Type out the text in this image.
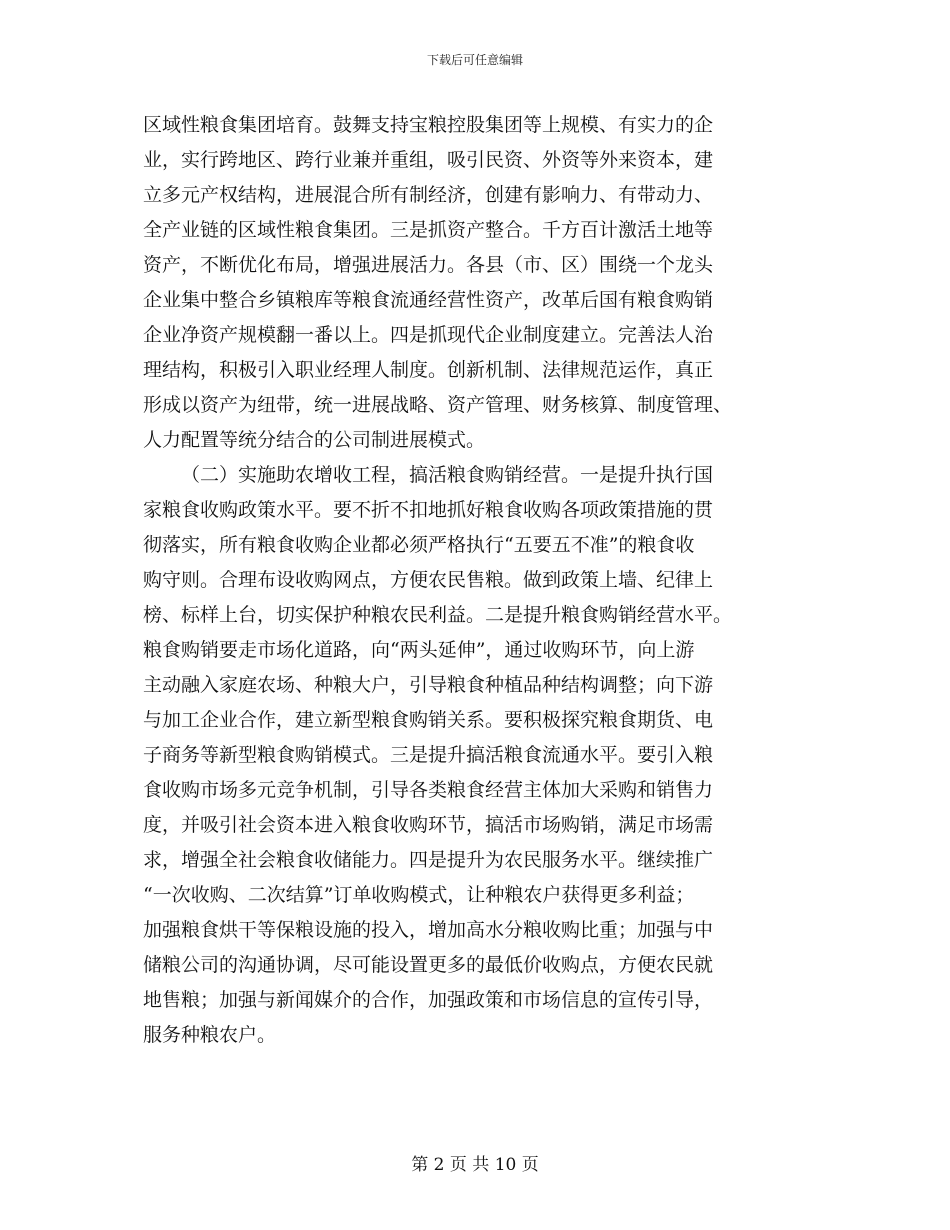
下载后可任意编辑
区域性粮食集团培育。鼓舞支持宝粮控股集团等上规模、有实力的企
业，实行跨地区、跨行业兼并重组，吸引民资、外资等外来资本，建
立多元产权结构，进展混合所有制经济，创建有影响力、有带动力、
全产业链的区域性粮食集团。三是抓资产整合。千方百计激活土地等
资产，不断优化布局，增强进展活力。各县（市、区）围绕一个龙头
企业集中整合乡镇粮库等粮食流通经营性资产，改革后国有粮食购销
企业净资产规模翻一番以上。四是抓现代企业制度建立。完善法人治
理结构，积极引入职业经理人制度。创新机制、法律规范运作，真正
形成以资产为纽带，统一进展战略、资产管理、财务核算、制度管理、
人力配置等统分结合的公司制进展模式。
（二）实施助农增收工程，搞活粮食购销经营。一是提升执行国
家粮食收购政策水平。要不折不扣地抓好粮食收购各项政策措施的贯
彻落实，所有粮食收购企业都必须严格执行“五要五不准”的粮食收
购守则。合理布设收购网点，方便农民售粮。做到政策上墙、纪律上
榜、标样上台，切实保护种粮农民利益。二是提升粮食购销经营水平。
粮食购销要走市场化道路，向“两头延伸”，通过收购环节，向上游
主动融入家庭农场、种粮大户，引导粮食种植品种结构调整；向下游
与加工企业合作，建立新型粮食购销关系。要积极探究粮食期货、电
子商务等新型粮食购销模式。三是提升搞活粮食流通水平。要引入粮
食收购市场多元竞争机制，引导各类粮食经营主体加大采购和销售力
度，并吸引社会资本进入粮食收购环节，搞活市场购销，满足市场需
求，增强全社会粮食收储能力。四是提升为农民服务水平。继续推广
“一次收购、二次结算”订单收购模式，让种粮农户获得更多利益；
加强粮食烘干等保粮设施的投入，增加高水分粮收购比重；加强与中
储粮公司的沟通协调，尽可能设置更多的最低价收购点，方便农民就
地售粮；加强与新闻媒介的合作，加强政策和市场信息的宣传引导，
服务种粮农户。
第 2 页 共 10 页
